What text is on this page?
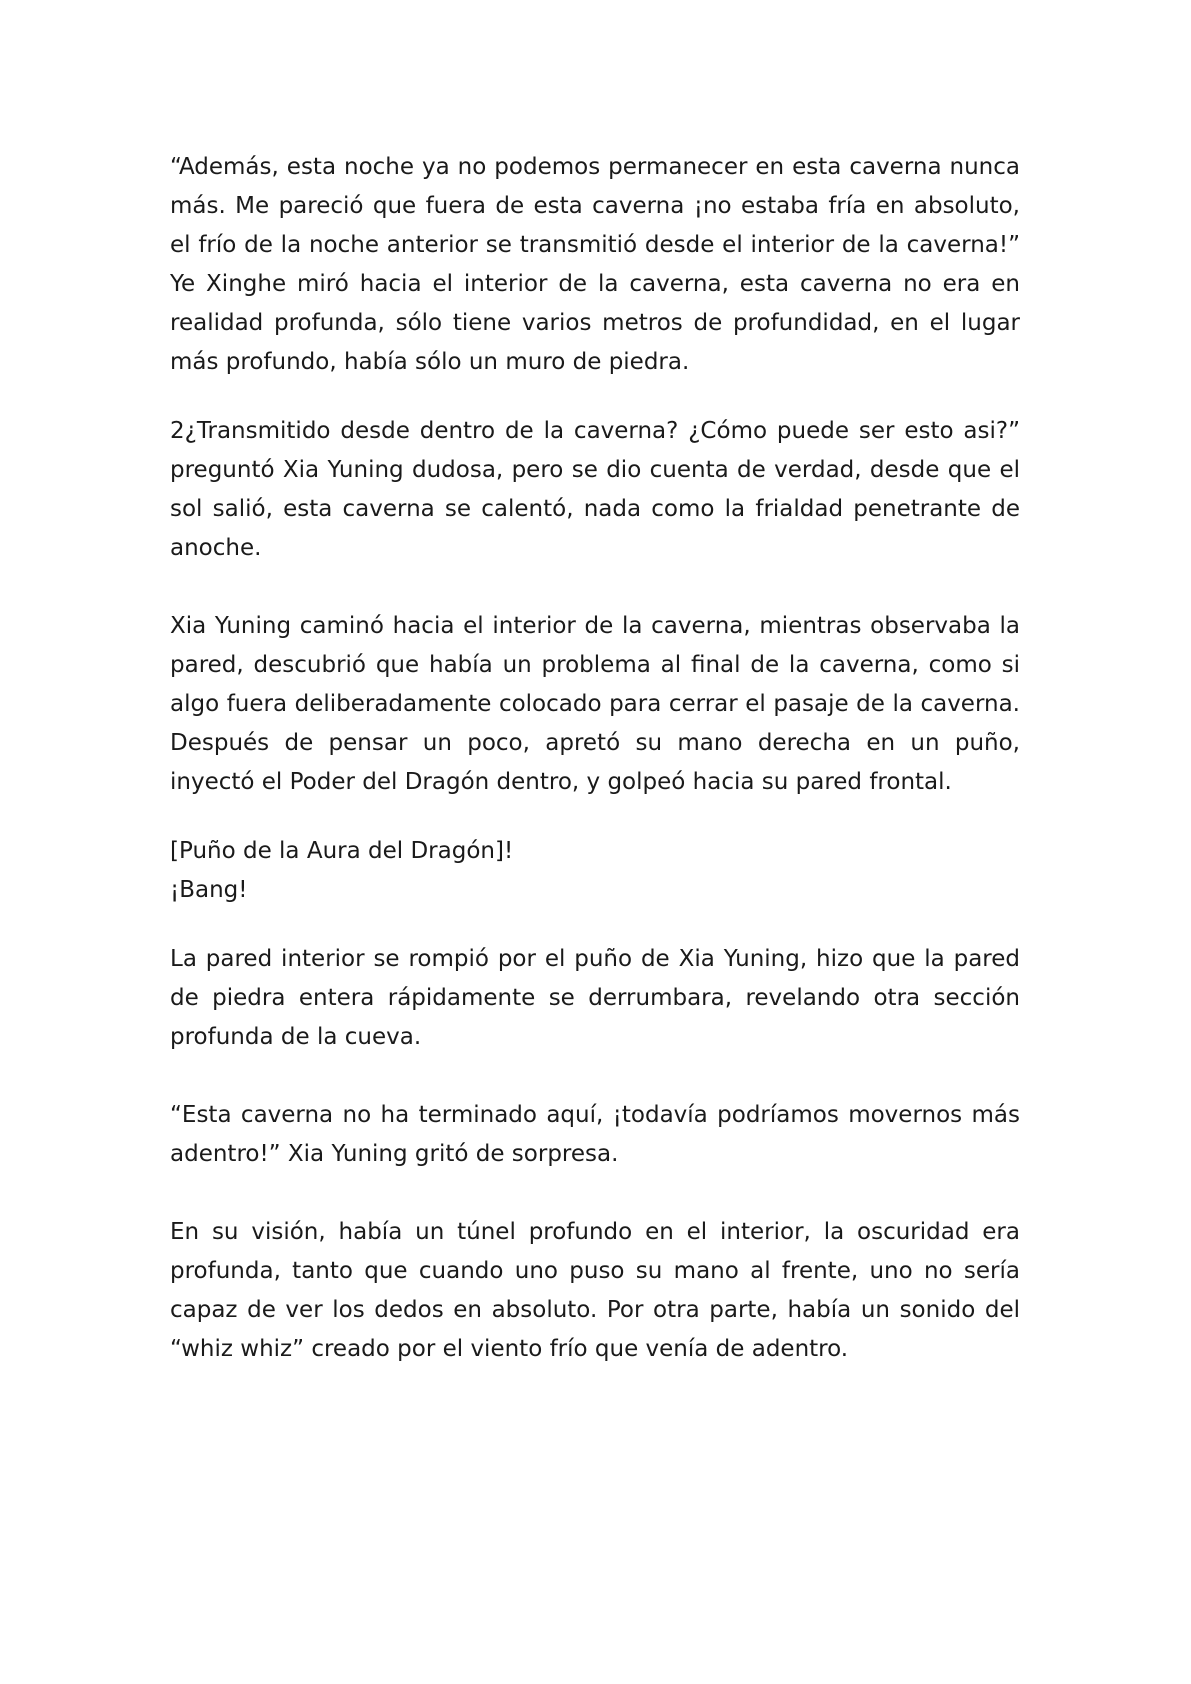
“Además, esta noche ya no podemos permanecer en esta caverna nunca más. Me pareció que fuera de esta caverna ¡no estaba fría en absoluto, el frío de la noche anterior se transmitió desde el interior de la caverna!” Ye Xinghe miró hacia el interior de la caverna, esta caverna no era en realidad profunda, sólo tiene varios metros de profundidad, en el lugar más profundo, había sólo un muro de piedra.

2¿Transmitido desde dentro de la caverna? ¿Cómo puede ser esto asi?” preguntó Xia Yuning dudosa, pero se dio cuenta de verdad, desde que el sol salió, esta caverna se calentó, nada como la frialdad penetrante de anoche.

Xia Yuning caminó hacia el interior de la caverna, mientras observaba la pared, descubrió que había un problema al final de la caverna, como si algo fuera deliberadamente colocado para cerrar el pasaje de la caverna. Después de pensar un poco, apretó su mano derecha en un puño, inyectó el Poder del Dragón dentro, y golpeó hacia su pared frontal.

[Puño de la Aura del Dragón]!

¡Bang!

La pared interior se rompió por el puño de Xia Yuning, hizo que la pared de piedra entera rápidamente se derrumbara, revelando otra sección profunda de la cueva.

“Esta caverna no ha terminado aquí, ¡todavía podríamos movernos más adentro!” Xia Yuning gritó de sorpresa.

En su visión, había un túnel profundo en el interior, la oscuridad era profunda, tanto que cuando uno puso su mano al frente, uno no sería capaz de ver los dedos en absoluto. Por otra parte, había un sonido del “whiz whiz” creado por el viento frío que venía de adentro.
